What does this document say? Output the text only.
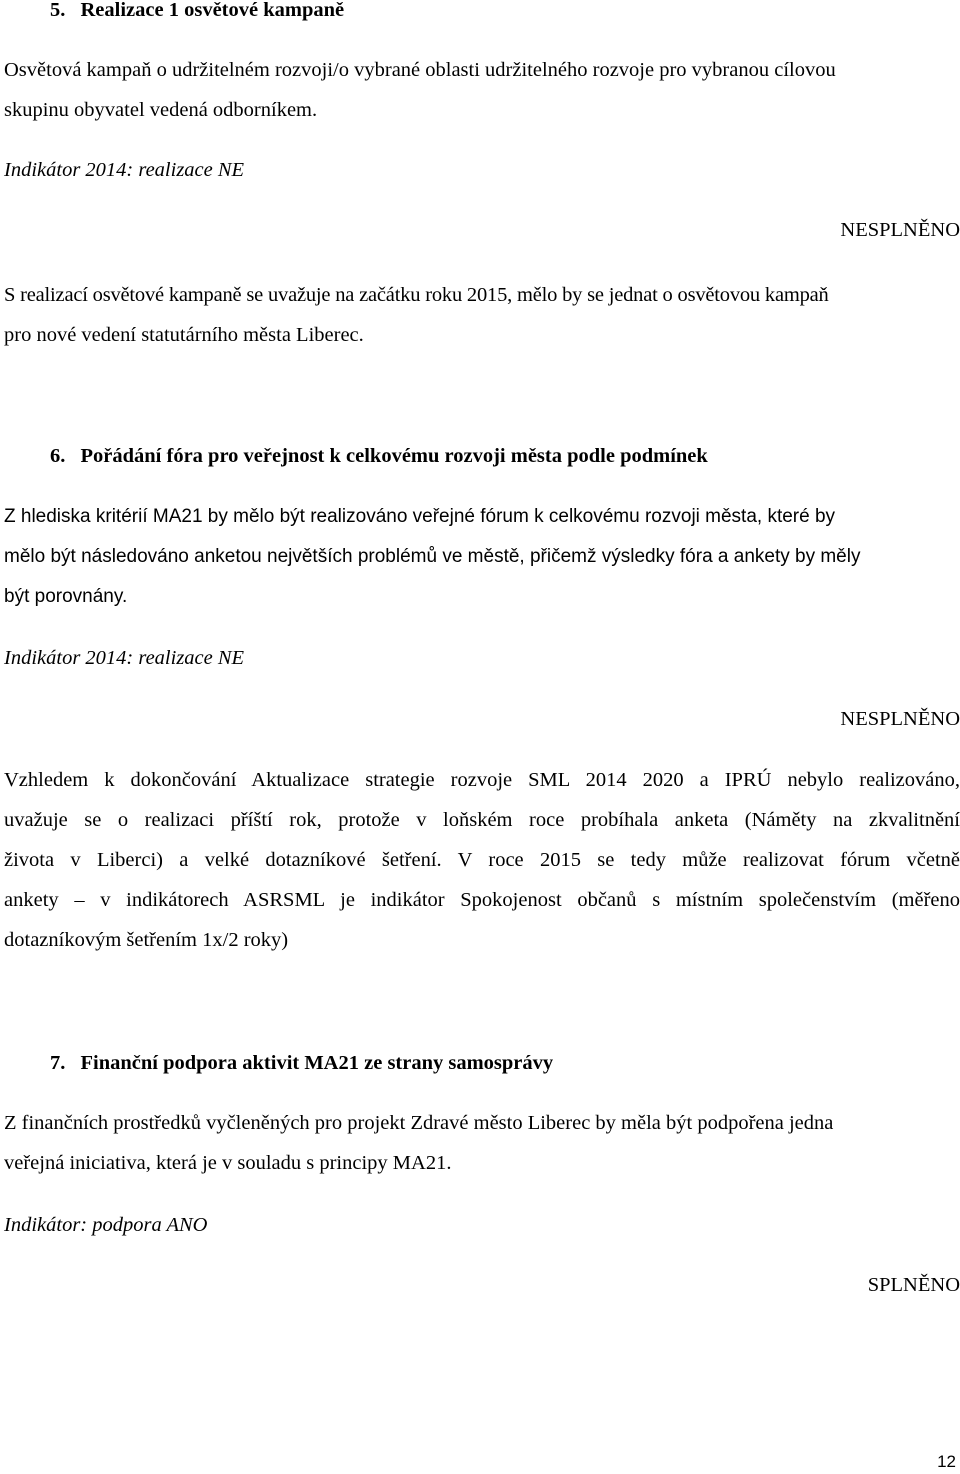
5. Realizace 1 osvětové kampaně
Osvětová kampaň o udržitelném rozvoji/o vybrané oblasti udržitelného rozvoje pro vybranou cílovou
skupinu obyvatel vedená odborníkem.
Indikátor 2014: realizace NE
NESPLNĚNO
S realizací osvětové kampaně se uvažuje na začátku roku 2015, mělo by se jednat o osvětovou kampaň
pro nové vedení statutárního města Liberec.
6. Pořádání fóra pro veřejnost k celkovému rozvoji města podle podmínek
Z hlediska kritérií MA21 by mělo být realizováno veřejné fórum k celkovému rozvoji města, které by
mělo být následováno anketou největších problémů ve městě, přičemž výsledky fóra a ankety by měly
být porovnány.
Indikátor 2014: realizace NE
NESPLNĚNO
Vzhledem k dokončování Aktualizace strategie rozvoje SML 2014 2020 a IPRÚ nebylo realizováno,
uvažuje se o realizaci příští rok, protože v loňském roce probíhala anketa (Náměty na zkvalitnění
života v Liberci) a velké dotazníkové šetření. V roce 2015 se tedy může realizovat fórum včetně
ankety – v indikátorech ASRSML je indikátor Spokojenost občanů s místním společenstvím (měřeno
dotazníkovým šetřením 1x/2 roky)
7. Finanční podpora aktivit MA21 ze strany samosprávy
Z finančních prostředků vyčleněných pro projekt Zdravé město Liberec by měla být podpořena jedna
veřejná iniciativa, která je v souladu s principy MA21.
Indikátor: podpora ANO
SPLNĚNO
12
